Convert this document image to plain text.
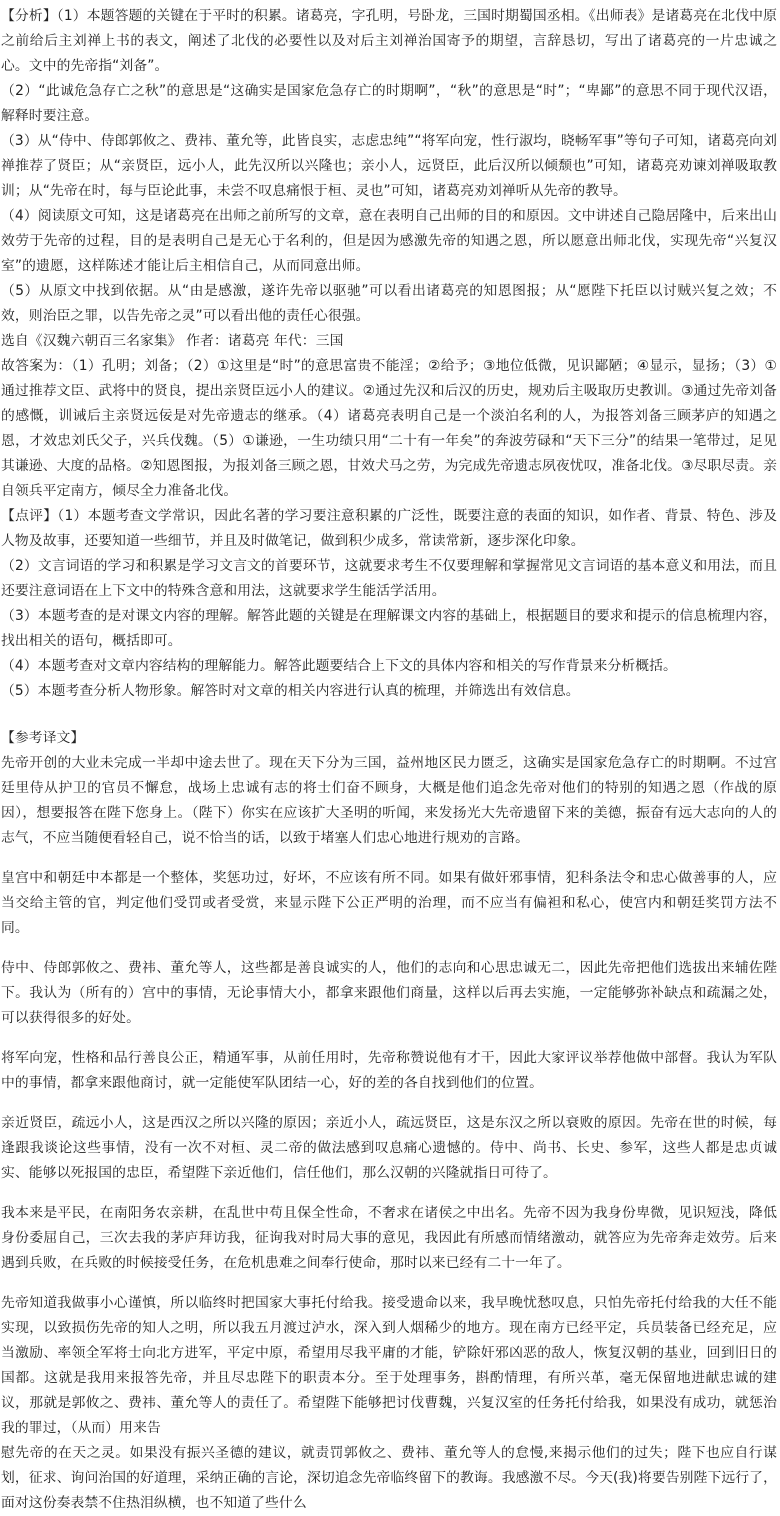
【分析】（1）本题答题的关键在于平时的积累。诸葛亮，字孔明，号卧龙，三国时期蜀国丞相。《出师表》是诸葛亮在北伐中原之前给后主刘禅上书的表文，阐述了北伐的必要性以及对后主刘禅治国寄予的期望，言辞恳切，写出了诸葛亮的一片忠诚之心。文中的先帝指“刘备”。

（2）“此诚危急存亡之秋”的意思是“这确实是国家危急存亡的时期啊”，“秋”的意思是“时”；“卑鄙”的意思不同于现代汉语，解释时要注意。

（3）从“侍中、侍郎郭攸之、费祎、董允等，此皆良实，志虑忠纯”“将军向宠，性行淑均，晓畅军事”等句子可知，诸葛亮向刘禅推荐了贤臣；从“亲贤臣，远小人，此先汉所以兴隆也；亲小人，远贤臣，此后汉所以倾颓也”可知，诸葛亮劝谏刘禅吸取教训；从“先帝在时，每与臣论此事，未尝不叹息痛恨于桓、灵也”可知，诸葛亮劝刘禅听从先帝的教导。

（4）阅读原文可知，这是诸葛亮在出师之前所写的文章，意在表明自己出师的目的和原因。文中讲述自己隐居隆中，后来出山效劳于先帝的过程，目的是表明自己是无心于名利的，但是因为感激先帝的知遇之恩，所以愿意出师北伐，实现先帝“兴复汉室”的遗愿，这样陈述才能让后主相信自己，从而同意出师。

（5）从原文中找到依据。从“由是感激，遂许先帝以驱驰”可以看出诸葛亮的知恩图报；从“愿陛下托臣以讨贼兴复之效；不效，则治臣之罪，以告先帝之灵”可以看出他的责任心很强。

选自《汉魏六朝百三名家集》 作者：诸葛亮 年代：三国

故答案为：（1）孔明；刘备；（2）①这里是“时”的意思富贵不能淫；②给予；③地位低微，见识鄙陋；④显示，显扬；（3）①通过推荐文臣、武将中的贤良，提出亲贤臣远小人的建议。②通过先汉和后汉的历史，规劝后主吸取历史教训。③通过先帝刘备的感慨，训诫后主亲贤远佞是对先帝遗志的继承。（4）诸葛亮表明自己是一个淡泊名利的人，为报答刘备三顾茅庐的知遇之恩，才效忠刘氏父子，兴兵伐魏。（5）①谦逊，一生功绩只用“二十有一年矣”的奔波劳碌和“天下三分”的结果一笔带过，足见其谦逊、大度的品格。②知恩图报，为报刘备三顾之恩，甘效犬马之劳，为完成先帝遗志夙夜忧叹，准备北伐。③尽职尽责。亲自领兵平定南方，倾尽全力准备北伐。

【点评】（1）本题考查文学常识，因此名著的学习要注意积累的广泛性，既要注意的表面的知识，如作者、背景、特色、涉及人物及故事，还要知道一些细节，并且及时做笔记，做到积少成多，常读常新，逐步深化印象。

（2）文言词语的学习和积累是学习文言文的首要环节，这就要求考生不仅要理解和掌握常见文言词语的基本意义和用法，而且还要注意词语在上下文中的特殊含意和用法，这就要求学生能活学活用。

（3）本题考查的是对课文内容的理解。解答此题的关键是在理解课文内容的基础上，根据题目的要求和提示的信息梳理内容，找出相关的语句，概括即可。

（4）本题考查对文章内容结构的理解能力。解答此题要结合上下文的具体内容和相关的写作背景来分析概括。

（5）本题考查分析人物形象。解答时对文章的相关内容进行认真的梳理，并筛选出有效信息。

【参考译文】

先帝开创的大业未完成一半却中途去世了。现在天下分为三国，益州地区民力匮乏，这确实是国家危急存亡的时期啊。不过宫廷里侍从护卫的官员不懈怠，战场上忠诚有志的将士们奋不顾身，大概是他们追念先帝对他们的特别的知遇之恩（作战的原因），想要报答在陛下您身上。（陛下）你实在应该扩大圣明的听闻，来发扬光大先帝遗留下来的美德，振奋有远大志向的人的志气，不应当随便看轻自己，说不恰当的话，以致于堵塞人们忠心地进行规劝的言路。

皇宫中和朝廷中本都是一个整体，奖惩功过，好坏，不应该有所不同。如果有做奸邪事情，犯科条法令和忠心做善事的人，应当交给主管的官，判定他们受罚或者受赏，来显示陛下公正严明的治理，而不应当有偏袒和私心，使宫内和朝廷奖罚方法不同。

侍中、侍郎郭攸之、费祎、董允等人，这些都是善良诚实的人，他们的志向和心思忠诚无二，因此先帝把他们选拔出来辅佐陛下。我认为（所有的）宫中的事情，无论事情大小，都拿来跟他们商量，这样以后再去实施，一定能够弥补缺点和疏漏之处，可以获得很多的好处。

将军向宠，性格和品行善良公正，精通军事，从前任用时，先帝称赞说他有才干，因此大家评议举荐他做中部督。我认为军队中的事情，都拿来跟他商讨，就一定能使军队团结一心，好的差的各自找到他们的位置。

亲近贤臣，疏远小人，这是西汉之所以兴隆的原因；亲近小人，疏远贤臣，这是东汉之所以衰败的原因。先帝在世的时候，每逢跟我谈论这些事情，没有一次不对桓、灵二帝的做法感到叹息痛心遗憾的。侍中、尚书、长史、参军，这些人都是忠贞诚实、能够以死报国的忠臣，希望陛下亲近他们，信任他们，那么汉朝的兴隆就指日可待了。

我本来是平民，在南阳务农亲耕，在乱世中苟且保全性命，不奢求在诸侯之中出名。先帝不因为我身份卑微，见识短浅，降低身份委屈自己，三次去我的茅庐拜访我，征询我对时局大事的意见，我因此有所感而情绪激动，就答应为先帝奔走效劳。后来遇到兵败，在兵败的时候接受任务，在危机患难之间奉行使命，那时以来已经有二十一年了。

先帝知道我做事小心谨慎，所以临终时把国家大事托付给我。接受遗命以来，我早晚忧愁叹息，只怕先帝托付给我的大任不能实现，以致损伤先帝的知人之明，所以我五月渡过泸水，深入到人烟稀少的地方。现在南方已经平定，兵员装备已经充足，应当激励、率领全军将士向北方进军，平定中原，希望用尽我平庸的才能，铲除奸邪凶恶的敌人，恢复汉朝的基业，回到旧日的国都。这就是我用来报答先帝，并且尽忠陛下的职责本分。至于处理事务，斟酌情理，有所兴革，毫无保留地进献忠诚的建议，那就是郭攸之、费祎、董允等人的责任了。希望陛下能够把讨伐曹魏，兴复汉室的任务托付给我，如果没有成功，就惩治我的罪过，（从而）用来告

慰先帝的在天之灵。如果没有振兴圣德的建议，就责罚郭攸之、费祎、董允等人的怠慢,来揭示他们的过失；陛下也应自行谋划，征求、询问治国的好道理，采纳正确的言论，深切追念先帝临终留下的教诲。我感激不尽。今天(我)将要告别陛下远行了，面对这份奏表禁不住热泪纵横，也不知道了些什么
